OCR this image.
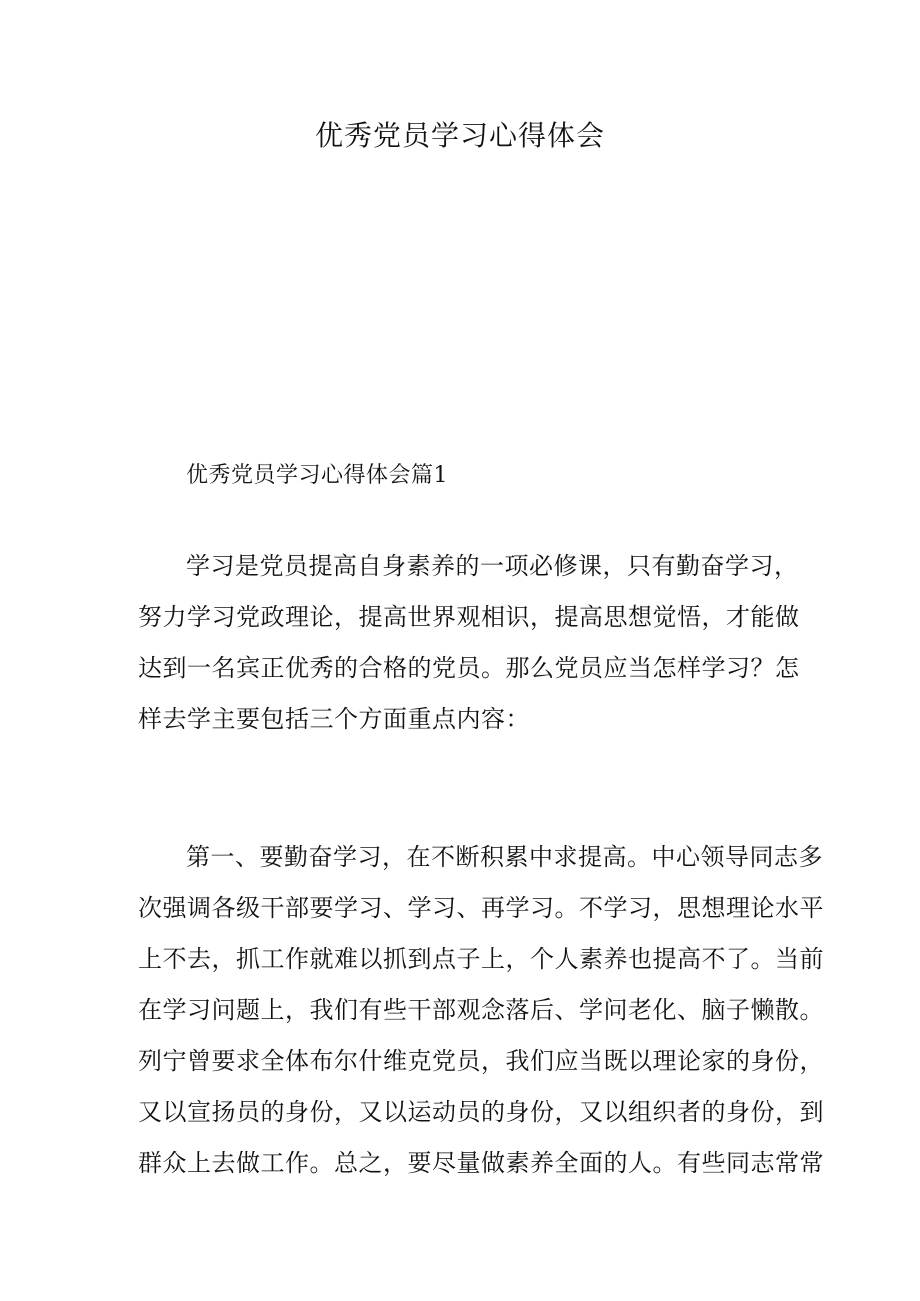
优秀党员学习心得体会
优秀党员学习心得体会篇1

学习是党员提高自身素养的一项必修课，只有勤奋学习，
努力学习党政理论，提高世界观相识，提高思想觉悟，才能做
达到一名宾正优秀的合格的党员。那么党员应当怎样学习？怎
样去学主要包括三个方面重点内容：

第一、要勤奋学习，在不断积累中求提高。中心领导同志多
次强调各级干部要学习、学习、再学习。不学习，思想理论水平
上不去，抓工作就难以抓到点子上，个人素养也提高不了。当前
在学习问题上，我们有些干部观念落后、学问老化、脑子懒散。
列宁曾要求全体布尔什维克党员，我们应当既以理论家的身份，
又以宣扬员的身份，又以运动员的身份，又以组织者的身份，到
群众上去做工作。总之，要尽量做素养全面的人。有些同志常常
